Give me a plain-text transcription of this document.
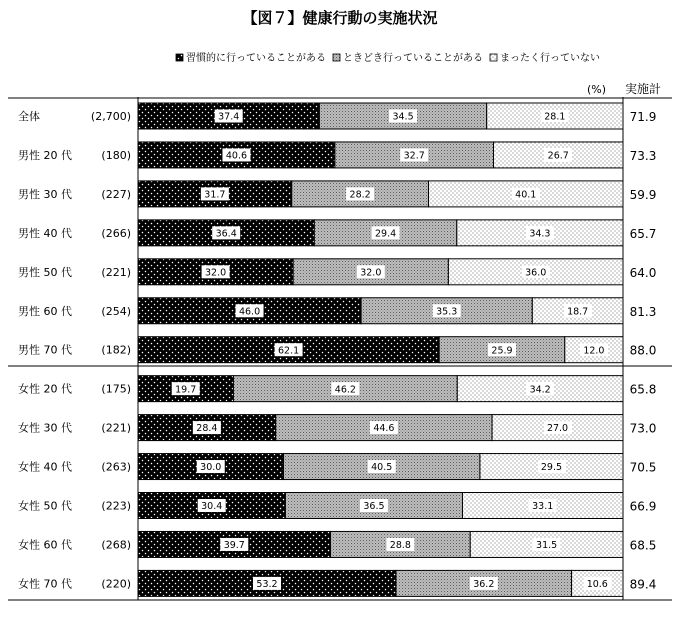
【図７】健康行動の実施状況
習慣的に行っていることがある ときどき行っていることがある まったく行っていない
(%) 実施計
全体	(2,700)	37.4	34.5	28.1	71.9
男性 20 代	(180)	40.6	32.7	26.7	73.3
男性 30 代	(227)	31.7	28.2	40.1	59.9
男性 40 代	(266)	36.4	29.4	34.3	65.7
男性 50 代	(221)	32.0	32.0	36.0	64.0
男性 60 代	(254)	46.0	35.3	18.7	81.3
男性 70 代	(182)	62.1	25.9	12.0 88.0
女性 20 代	(175)	19.7	46.2	34.2	65.8
女性 30 代	(221)	28.4	44.6	27.0	73.0
女性 40 代	(263)	30.0	40.5	29.5	70.5
女性 50 代	(223)	30.4	36.5	33.1	66.9
女性 60 代	(268)	39.7	28.8	31.5	68.5
女性 70 代	(220)	53.2	36.2	10.6 89.4
